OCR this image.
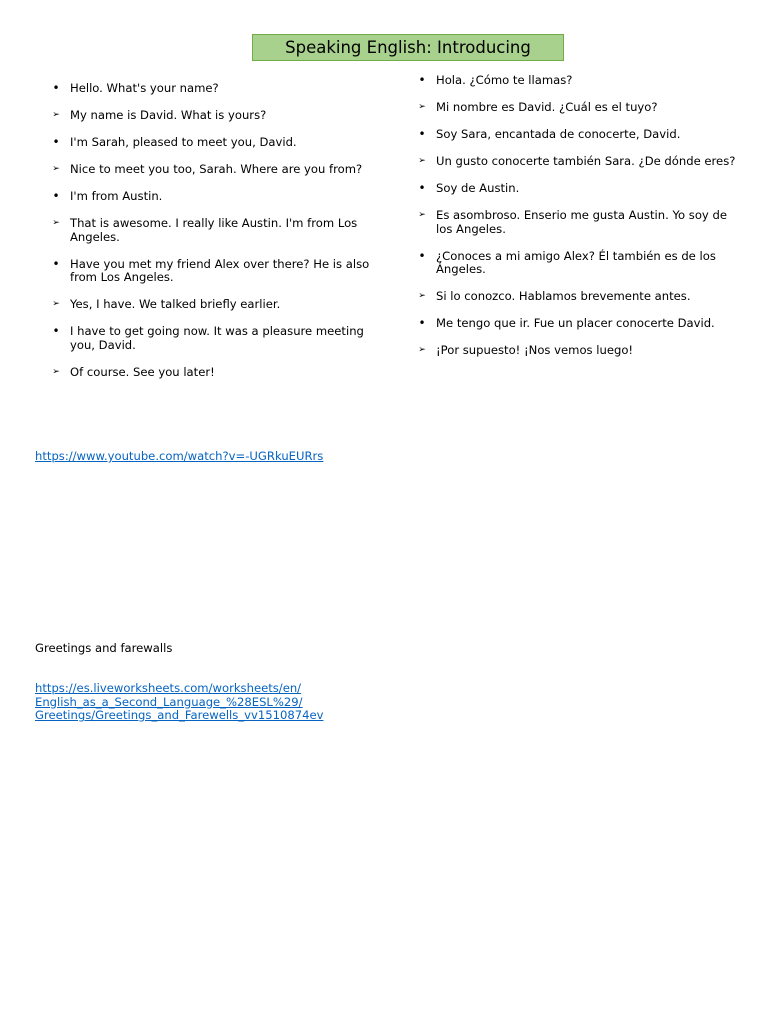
Speaking English: Introducing
• Hello. What's your name?
➢ My name is David. What is yours?
• I'm Sarah, pleased to meet you, David.
➢ Nice to meet you too, Sarah. Where are you from?
• I'm from Austin.
➢ That is awesome. I really like Austin. I'm from Los Angeles.
• Have you met my friend Alex over there? He is also from Los Angeles.
➢ Yes, I have. We talked briefly earlier.
• I have to get going now. It was a pleasure meeting you, David.
➢ Of course. See you later!
• Hola. ¿Cómo te llamas?
➢ Mi nombre es David. ¿Cuál es el tuyo?
• Soy Sara, encantada de conocerte, David.
➢ Un gusto conocerte también Sara. ¿De dónde eres?
• Soy de Austin.
➢ Es asombroso. Enserio me gusta Austin. Yo soy de los Angeles.
• ¿Conoces a mi amigo Alex? Él también es de los Ángeles.
➢ Si lo conozco. Hablamos brevemente antes.
• Me tengo que ir. Fue un placer conocerte David.
➢ ¡Por supuesto! ¡Nos vemos luego!
https://www.youtube.com/watch?v=-UGRkuEURrs
Greetings and farewalls
https://es.liveworksheets.com/worksheets/en/ English_as_a_Second_Language_%28ESL%29/ Greetings/Greetings_and_Farewells_vv1510874ev
